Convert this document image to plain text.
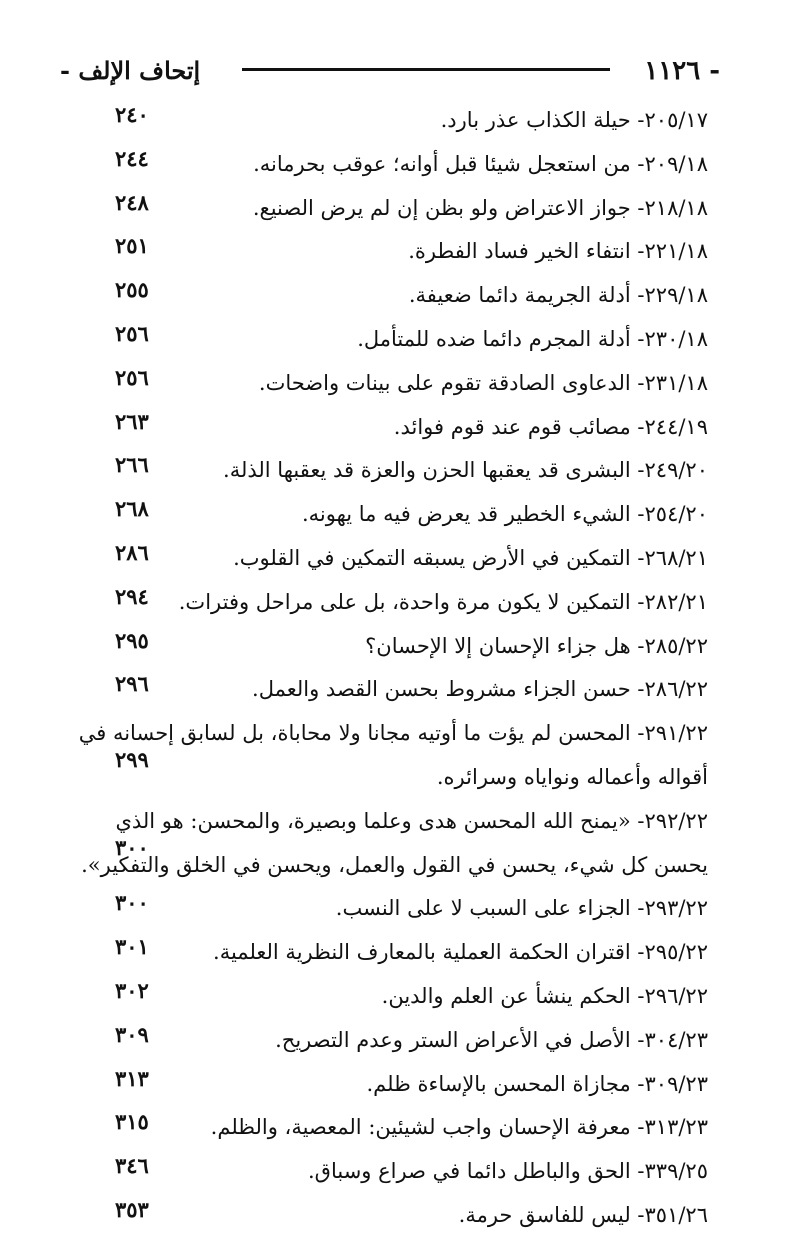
- ١١٢٦
إتحاف الإلف -
٢٠٥/١٧- حيلة الكذاب عذر بارد.
٢٤٠
٢٠٩/١٨- من استعجل شيئا قبل أوانه؛ عوقب بحرمانه.
٢٤٤
٢١٨/١٨- جواز الاعتراض ولو بظن إن لم يرض الصنيع.
٢٤٨
٢٢١/١٨- انتفاء الخير فساد الفطرة.
٢٥١
٢٢٩/١٨- أدلة الجريمة دائما ضعيفة.
٢٥٥
٢٣٠/١٨- أدلة المجرم دائما ضده للمتأمل.
٢٥٦
٢٣١/١٨- الدعاوى الصادقة تقوم على بينات واضحات.
٢٥٦
٢٤٤/١٩- مصائب قوم عند قوم فوائد.
٢٦٣
٢٤٩/٢٠- البشرى قد يعقبها الحزن والعزة قد يعقبها الذلة.
٢٦٦
٢٥٤/٢٠- الشيء الخطير قد يعرض فيه ما يهونه.
٢٦٨
٢٦٨/٢١- التمكين في الأرض يسبقه التمكين في القلوب.
٢٨٦
٢٨٢/٢١- التمكين لا يكون مرة واحدة، بل على مراحل وفترات.
٢٩٤
٢٨٥/٢٢- هل جزاء الإحسان إلا الإحسان؟
٢٩٥
٢٨٦/٢٢- حسن الجزاء مشروط بحسن القصد والعمل.
٢٩٦
٢٩١/٢٢- المحسن لم يؤت ما أوتيه مجانا ولا محاباة، بل لسابق إحسانه في
أقواله وأعماله ونواياه وسرائره.
٢٩٩
٢٩٢/٢٢- «يمنح الله المحسن هدى وعلما وبصيرة، والمحسن: هو الذي
يحسن كل شيء، يحسن في القول والعمل، ويحسن في الخلق والتفكير».
٣٠٠
٢٩٣/٢٢- الجزاء على السبب لا على النسب.
٣٠٠
٢٩٥/٢٢- اقتران الحكمة العملية بالمعارف النظرية العلمية.
٣٠١
٢٩٦/٢٢- الحكم ينشأ عن العلم والدين.
٣٠٢
٣٠٤/٢٣- الأصل في الأعراض الستر وعدم التصريح.
٣٠٩
٣٠٩/٢٣- مجازاة المحسن بالإساءة ظلم.
٣١٣
٣١٣/٢٣- معرفة الإحسان واجب لشيئين: المعصية، والظلم.
٣١٥
٣٣٩/٢٥- الحق والباطل دائما في صراع وسباق.
٣٤٦
٣٥١/٢٦- ليس للفاسق حرمة.
٣٥٣
